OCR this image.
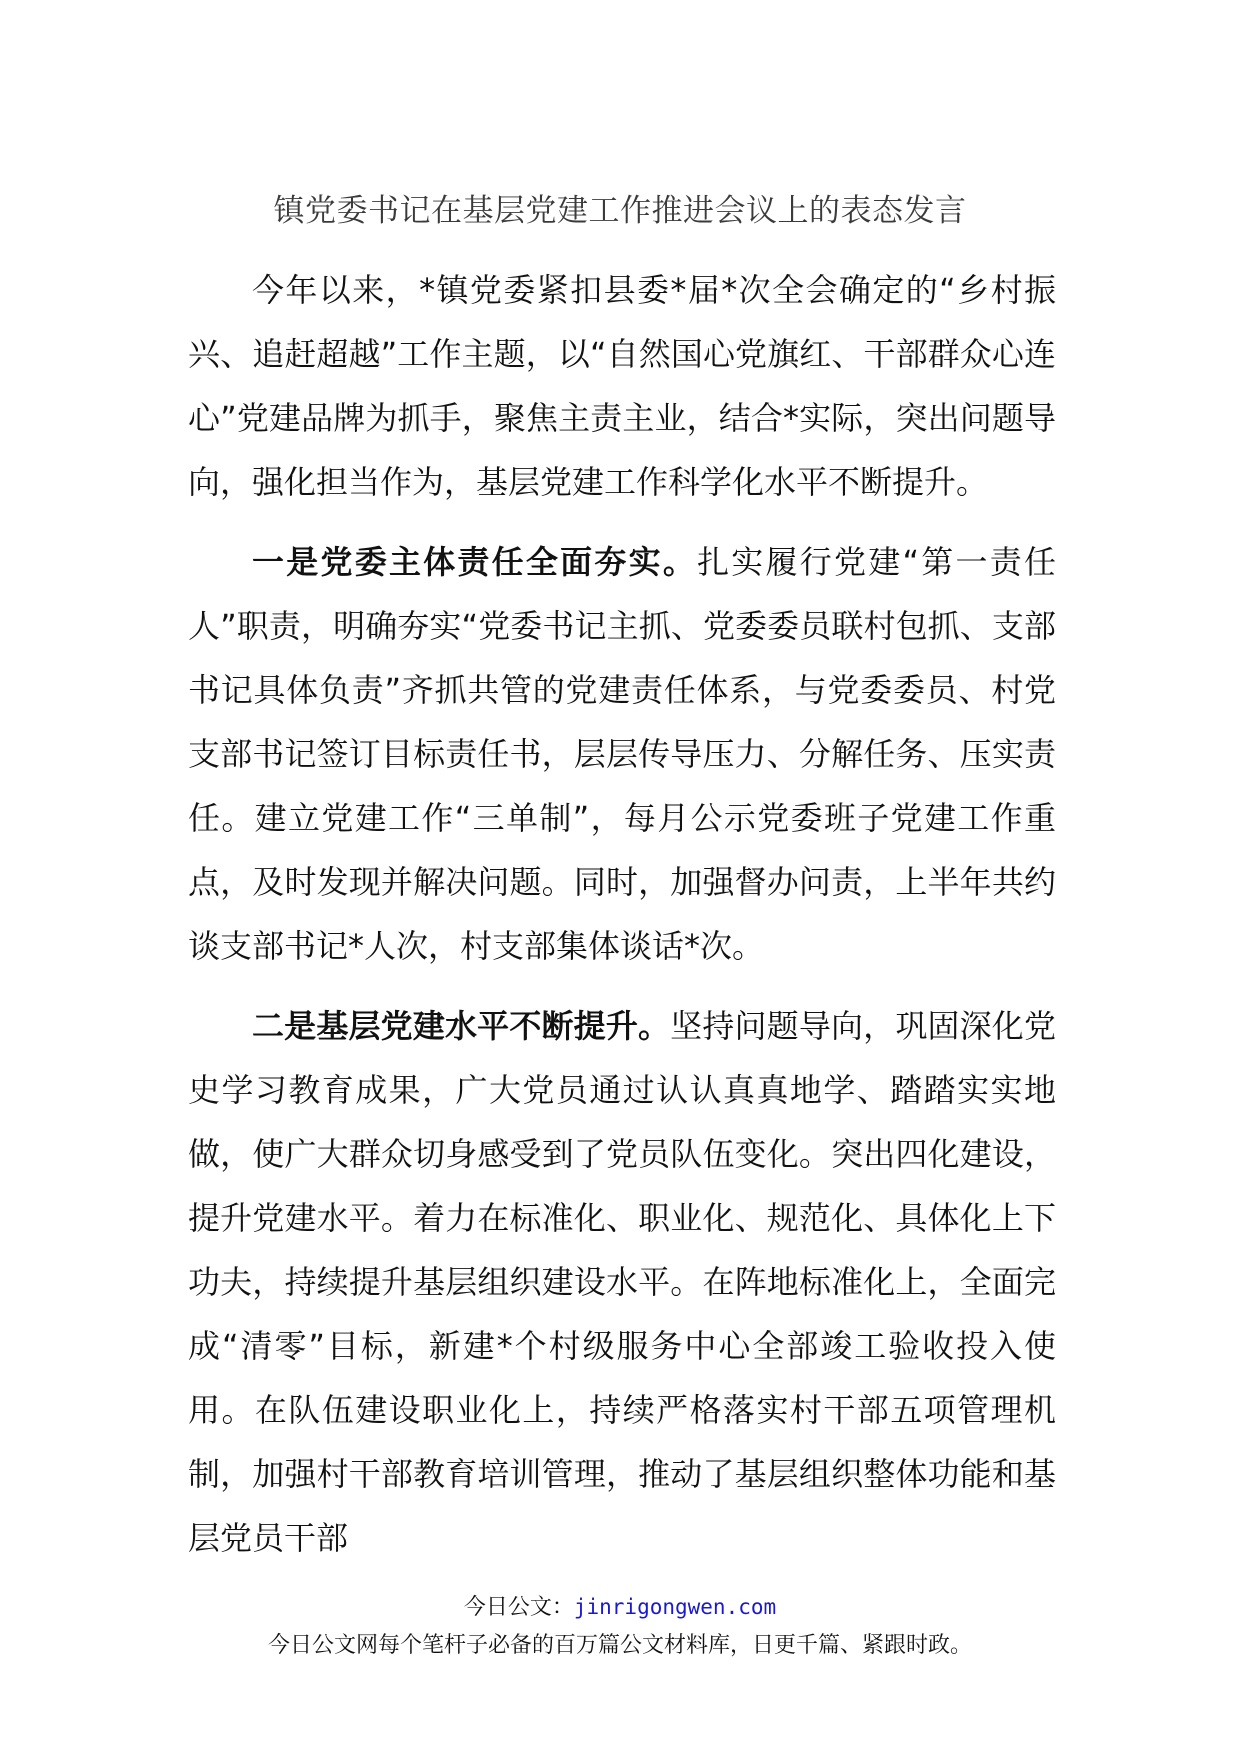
镇党委书记在基层党建工作推进会议上的表态发言

今年以来，*镇党委紧扣县委*届*次全会确定的“乡村振兴、追赶超越”工作主题，以“自然国心党旗红、干部群众心连心”党建品牌为抓手，聚焦主责主业，结合*实际，突出问题导向，强化担当作为，基层党建工作科学化水平不断提升。

一是党委主体责任全面夯实。扎实履行党建“第一责任人”职责，明确夯实“党委书记主抓、党委委员联村包抓、支部书记具体负责”齐抓共管的党建责任体系，与党委委员、村党支部书记签订目标责任书，层层传导压力、分解任务、压实责任。建立党建工作“三单制”，每月公示党委班子党建工作重点，及时发现并解决问题。同时，加强督办问责，上半年共约谈支部书记*人次，村支部集体谈话*次。

二是基层党建水平不断提升。坚持问题导向，巩固深化党史学习教育成果，广大党员通过认认真真地学、踏踏实实地做，使广大群众切身感受到了党员队伍变化。突出四化建设，提升党建水平。着力在标准化、职业化、规范化、具体化上下功夫，持续提升基层组织建设水平。在阵地标准化上，全面完成“清零”目标，新建*个村级服务中心全部竣工验收投入使用。在队伍建设职业化上，持续严格落实村干部五项管理机制，加强村干部教育培训管理，推动了基层组织整体功能和基层党员干部

今日公文：jinrigongwen.com
今日公文网每个笔杆子必备的百万篇公文材料库，日更千篇、紧跟时政。
